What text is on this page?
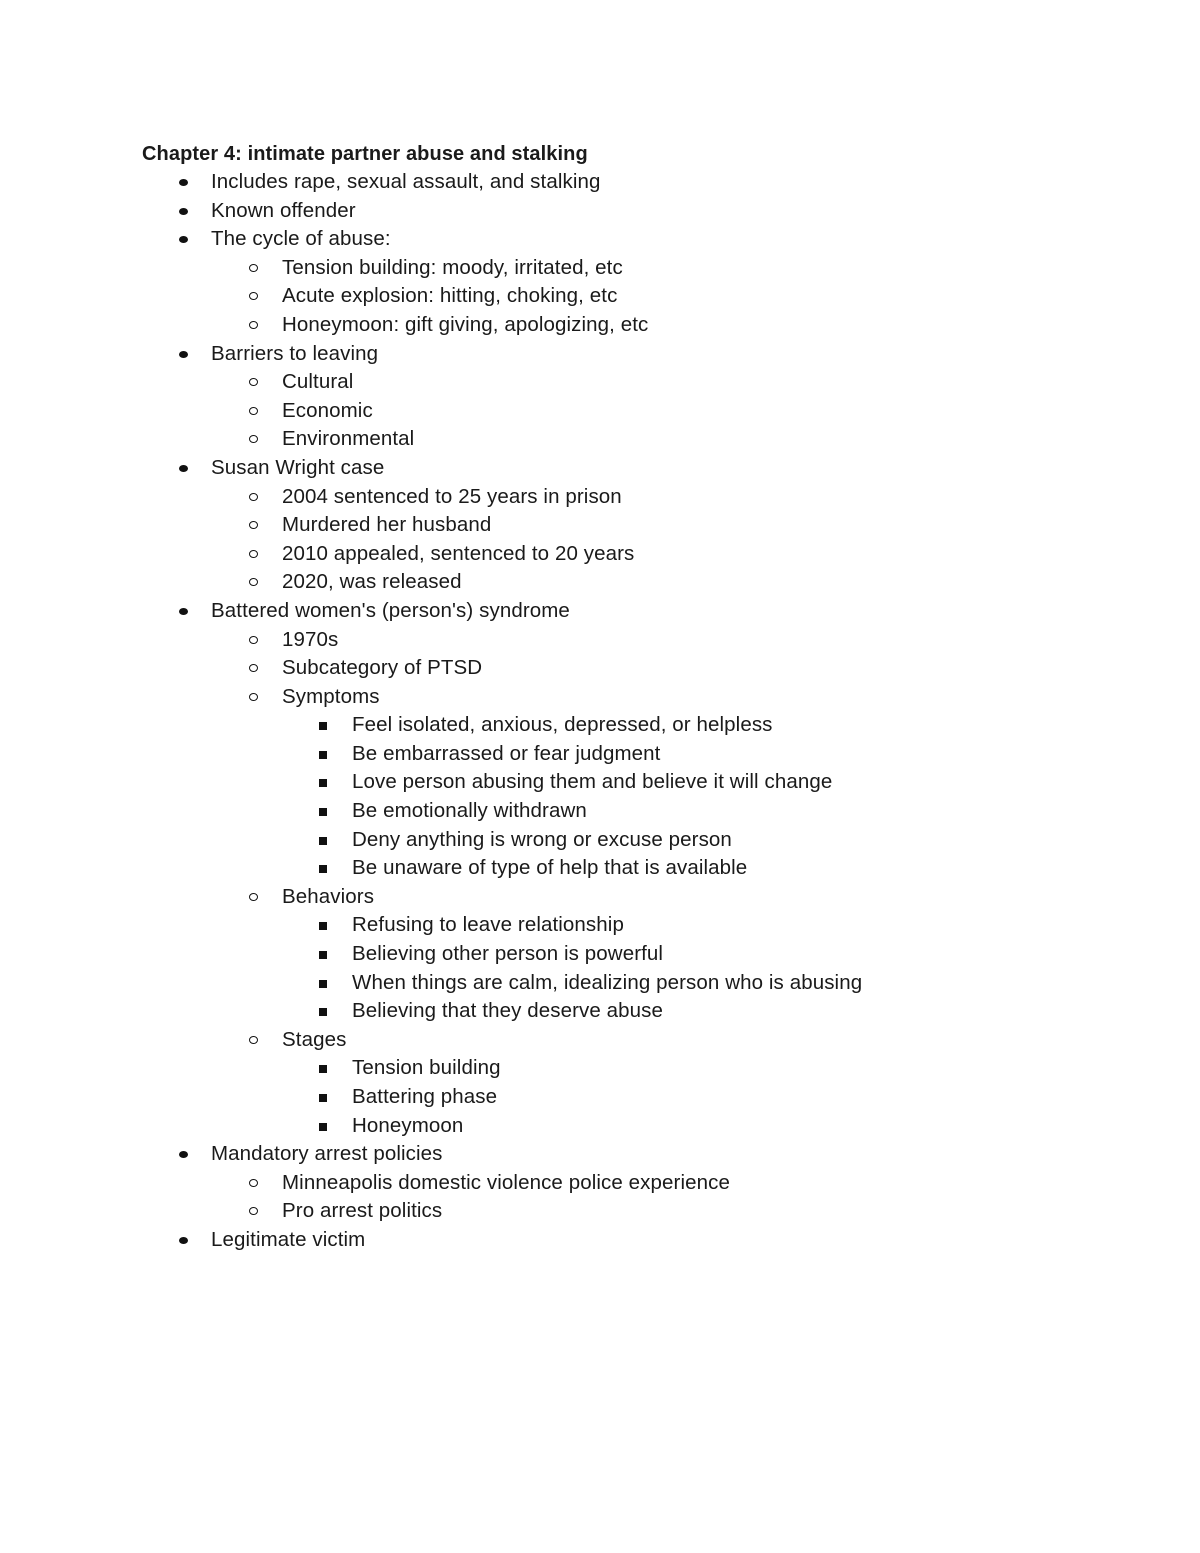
Chapter 4: intimate partner abuse and stalking
Includes rape, sexual assault, and stalking
Known offender
The cycle of abuse:
Tension building: moody, irritated, etc
Acute explosion: hitting, choking, etc
Honeymoon: gift giving, apologizing, etc
Barriers to leaving
Cultural
Economic
Environmental
Susan Wright case
2004 sentenced to 25 years in prison
Murdered her husband
2010 appealed, sentenced to 20 years
2020, was released
Battered women's (person's) syndrome
1970s
Subcategory of PTSD
Symptoms
Feel isolated, anxious, depressed, or helpless
Be embarrassed or fear judgment
Love person abusing them and believe it will change
Be emotionally withdrawn
Deny anything is wrong or excuse person
Be unaware of type of help that is available
Behaviors
Refusing to leave relationship
Believing other person is powerful
When things are calm, idealizing person who is abusing
Believing that they deserve abuse
Stages
Tension building
Battering phase
Honeymoon
Mandatory arrest policies
Minneapolis domestic violence police experience
Pro arrest politics
Legitimate victim
